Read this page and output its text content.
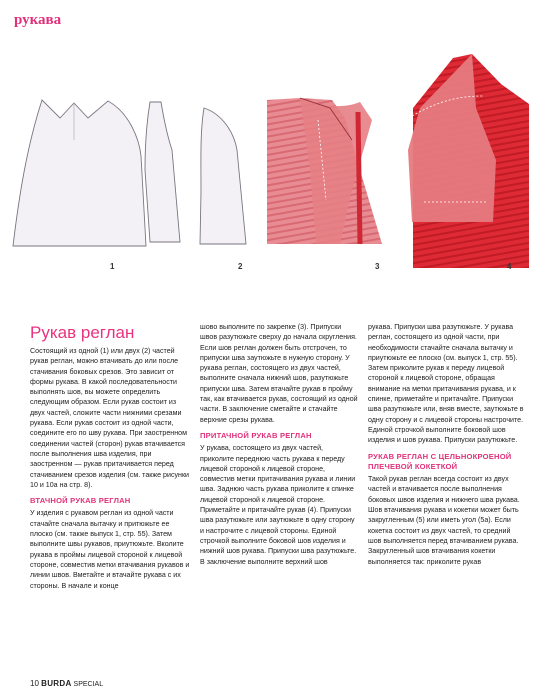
рукава
1	2	3	4
Рукав реглан

Состоящий из одной (1) или двух (2) частей рукав реглан, можно втачивать до или после стачивания боковых срезов. Это зависит от формы рукава. В какой последовательности выполнять шов, вы можете определить следующим образом. Если рукав состоит из двух частей, сложите части нижними срезами рукава. Если рукав состоит из одной части, соедините его по шву рукава. При заостренном соединении частей (сторон) рукав втачивается после выполнения шва изделия, при заостренном — рукав притачивается перед стачиванием срезов изделия (см. также рисунки 10 и 10а на стр. 8).

ВТАЧНОЙ РУКАВ РЕГЛАН

У изделия с рукавом реглан из одной части стачайте сначала вытачку и притюжьте ее плоско (см. также выпуск 1, стр. 55). Затем выполните швы рукавов, приутюжьте. Вколите рукава в проймы лицевой стороной к лицевой стороне, совместив метки втачивания рукавов и линии швов. Вметайте и втачайте рукава с их стороны. В начале и конце

шово выполните по закрепке (3). Припуски швов разутюжьте сверху до начала скругления. Если шов реглан должен быть отстрочен, то припуски шва заутюжьте в нужную сторону. У рукава реглан, состоящего из двух частей, выполните сначала нижний шов, разутюжьте припуски шва. Затем втачайте рукав в пройму так, как втачивается рукав, состоящий из одной части. В заключение сметайте и стачайте верхние срезы рукава.

ПРИТАЧНОЙ РУКАВ РЕГЛАН

У рукава, состоящего из двух частей, приколите переднюю часть рукава к переду лицевой стороной к лицевой стороне, совместив метки притачивания рукава и линии шва. Заднюю часть рукава приколите к спинке лицевой стороной к лицевой стороне. Приметайте и притачайте рукав (4). Припуски шва разутюжьте или заутюжьте в одну сторону и настрочите с лицевой стороны. Единой строчкой выполните боковой шов изделия и нижний шов рукава. Припуски шва разутюжьте. В заключение выполните верхний шов

рукава. Припуски шва разутюжьте. У рукава реглан, состоящего из одной части, при необходимости стачайте сначала вытачку и приутюжьте ее плоско (см. выпуск 1, стр. 55). Затем приколите рукав к переду лицевой стороной к лицевой стороне, обращая внимание на метки притачивания рукава, и к спинке, приметайте и притачайте. Припуски шва разутюжьте или, вняв вместе, заутюжьте в одну сторону и с лицевой стороны настрочите. Единой строчкой выполните боковой шов изделия и шов рукава. Припуски разутюжьте.

РУКАВ РЕГЛАН С ЦЕЛЬНОКРОЕНОЙ ПЛЕЧЕВОЙ КОКЕТКОЙ

Такой рукав реглан всегда состоит из двух частей и втачивается после выполнения боковых швов изделия и нижнего шва рукава. Шов втачивания рукава и кокетки может быть закругленным (5) или иметь угол (5а). Если кокетка состоит из двух частей, то средний шов выполняется перед втачиванием рукава. Закругленный шов втачивания кокетки выполняется так: приколите рукав

10 BURDA SPECIAL
